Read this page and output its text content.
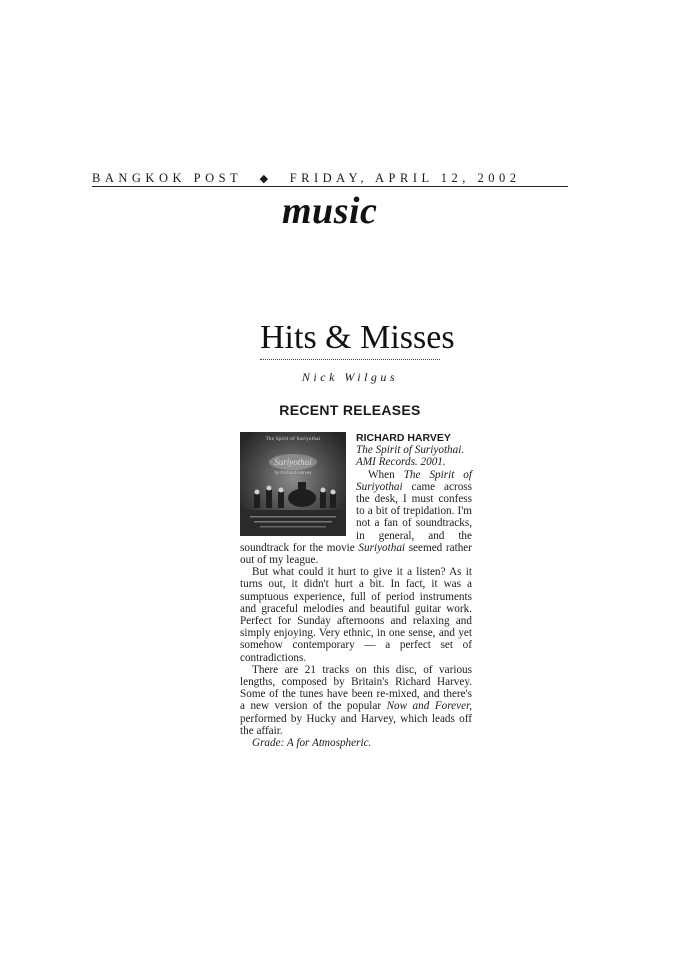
BANGKOK POST ◆ FRIDAY, APRIL 12, 2002
music
Hits & Misses
Nick Wilgus
RECENT RELEASES
Suriyothai
by Richard Harvey
The Spirit of Suriyothai	RICHARD HARVEY
The Spirit of Suriyothai.
AMI Records. 2001.

When The Spirit of Suriyothai came across the desk, I must confess to a bit of trepidation. I'm not a fan of soundtracks, in general, and the soundtrack for the movie Suriyothai seemed rather out of my league.

But what could it hurt to give it a listen? As it turns out, it didn't hurt a bit. In fact, it was a sumptuous experience, full of period instruments and graceful melodies and beautiful guitar work. Perfect for Sunday afternoons and relaxing and simply enjoying. Very ethnic, in one sense, and yet somehow contemporary — a perfect set of contradictions.

There are 21 tracks on this disc, of various lengths, composed by Britain's Richard Harvey. Some of the tunes have been re-mixed, and there's a new version of the popular Now and Forever, performed by Hucky and Harvey, which leads off the affair.

Grade: A for Atmospheric.
